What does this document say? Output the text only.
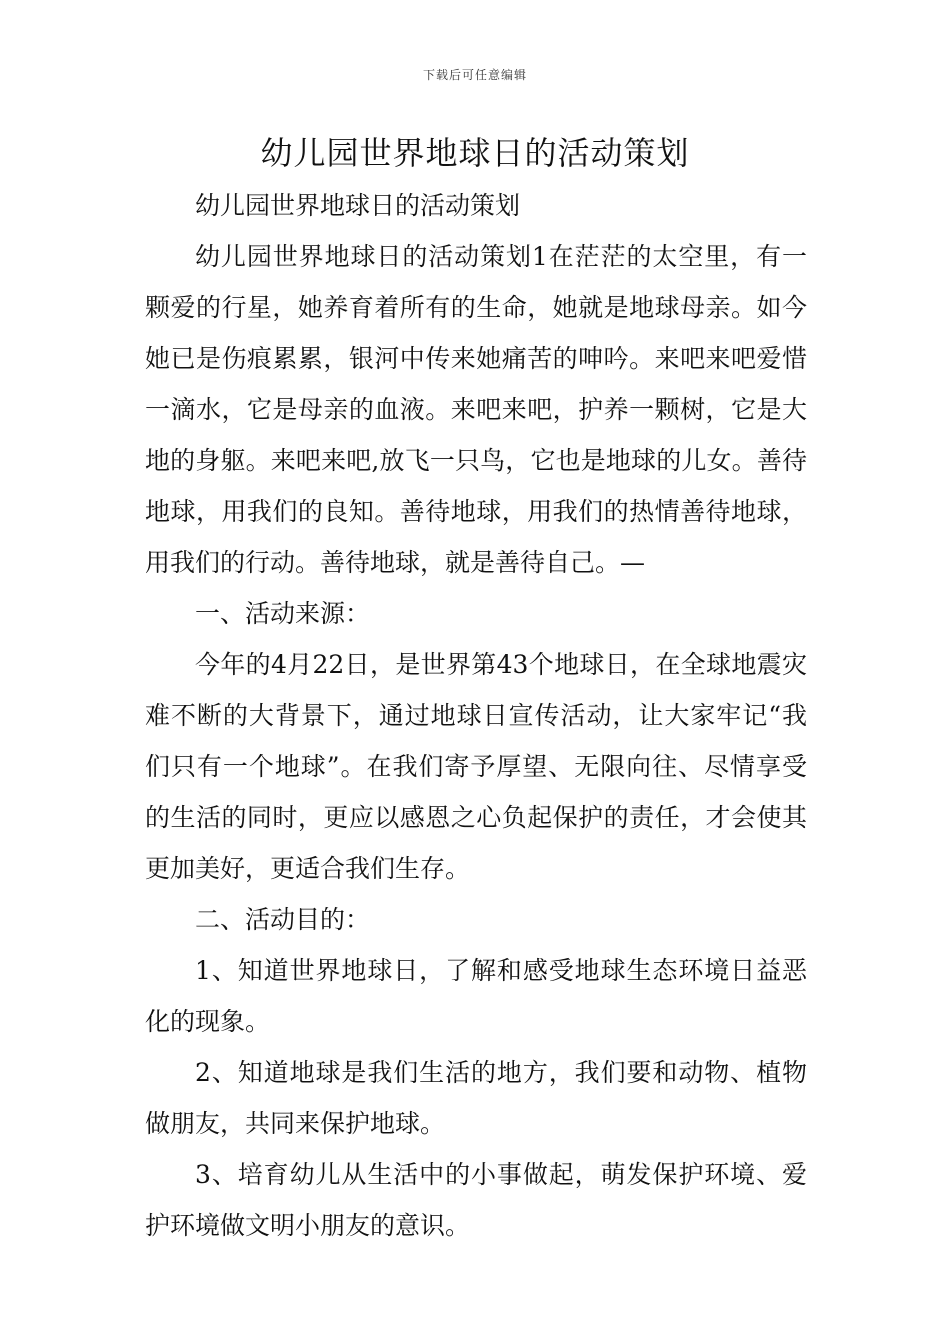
下载后可任意编辑
幼儿园世界地球日的活动策划

幼儿园世界地球日的活动策划

幼儿园世界地球日的活动策划1在茫茫的太空里，有一颗爱的行星，她养育着所有的生命，她就是地球母亲。如今她已是伤痕累累，银河中传来她痛苦的呻吟。来吧来吧爱惜一滴水，它是母亲的血液。来吧来吧，护养一颗树，它是大地的身躯。来吧来吧,放飞一只鸟，它也是地球的儿女。善待地球，用我们的良知。善待地球，用我们的热情善待地球，用我们的行动。善待地球，就是善待自己。—

一、活动来源：

今年的4月22日，是世界第43个地球日，在全球地震灾难不断的大背景下，通过地球日宣传活动，让大家牢记“我们只有一个地球”。在我们寄予厚望、无限向往、尽情享受的生活的同时，更应以感恩之心负起保护的责任，才会使其更加美好，更适合我们生存。

二、活动目的：

1、知道世界地球日，了解和感受地球生态环境日益恶化的现象。

2、知道地球是我们生活的地方，我们要和动物、植物做朋友，共同来保护地球。

3、培育幼儿从生活中的小事做起，萌发保护环境、爱护环境做文明小朋友的意识。
